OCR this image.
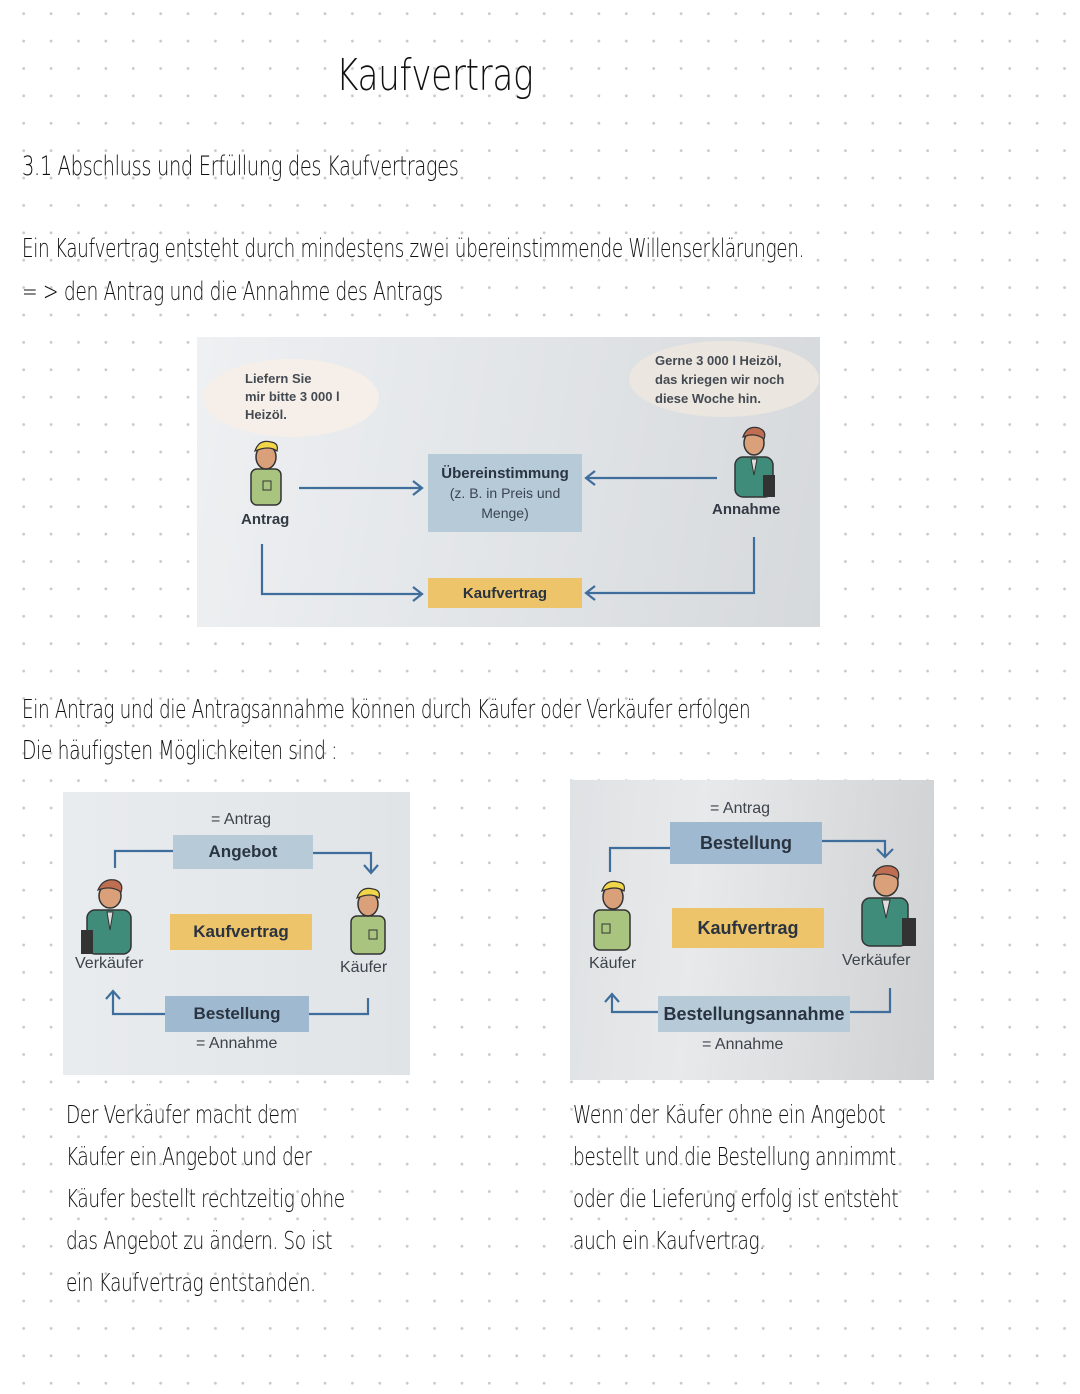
Kaufvertrag
3.1 Abschluss und Erfüllung des Kaufvertrages
Ein Kaufvertrag entsteht durch mindestens zwei übereinstimmende Willenserklärungen.
= > den Antrag und die Annahme des Antrags
Liefern Sie
mir bitte 3 000 l
Heizöl.
Gerne 3 000 l Heizöl,
das kriegen wir noch
diese Woche hin.
Antrag
Annahme
Übereinstimmung
(z. B. in Preis und
Menge)
Kaufvertrag
Ein Antrag und die Antragsannahme können durch Käufer oder Verkäufer erfolgen
Die häufigsten Möglichkeiten sind :
= Antrag
Angebot
Verkäufer
Kaufvertrag
Käufer
Bestellung
= Annahme
= Antrag
Bestellung
Käufer
Kaufvertrag
Verkäufer
Bestellungsannahme
= Annahme
Der Verkäufer macht dem
Käufer ein Angebot und der
Käufer bestellt rechtzeitig ohne
das Angebot zu ändern. So ist
ein Kaufvertrag entstanden.
Wenn der Käufer ohne ein Angebot
bestellt und die Bestellung annimmt
oder die Lieferung erfolg ist entsteht
auch ein Kaufvertrag.
